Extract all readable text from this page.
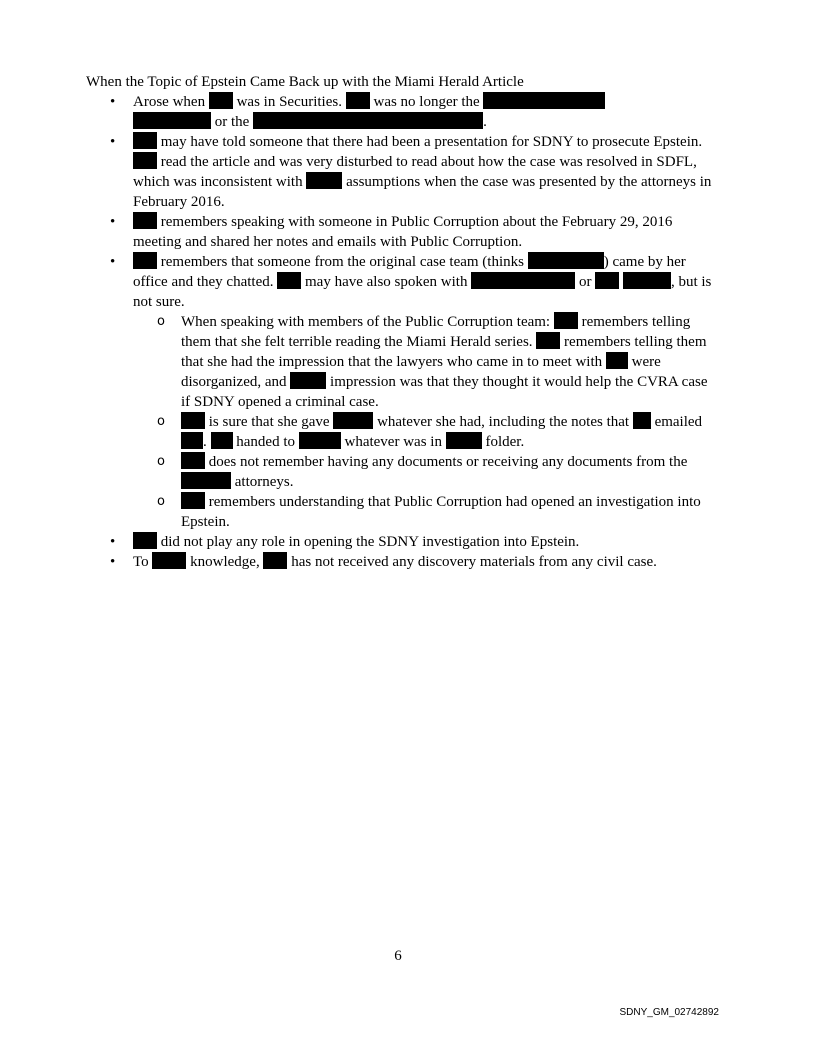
When the Topic of Epstein Came Back up with the Miami Herald Article

• Arose when was in Securities. was no longer the
or the	.
•	may have told someone that there had been a presentation for SDNY to prosecute Epstein.  read the article and was very disturbed to read about how the case was resolved in SDFL, which was inconsistent with	assumptions when the case was presented by the attorneys in February 2016.
•	remembers speaking with someone in Public Corruption about the February 29, 2016 meeting and shared her notes and emails with Public Corruption.
•	remembers that someone from the original case team (thinks	) came by her office and they chatted. may have also spoken with	or	, but is not sure.
o When speaking with members of the Public Corruption team: remembers telling them that she felt terrible reading the Miami Herald series. remembers telling them that she had the impression that the lawyers who came in to meet with were disorganized, and	impression was that they thought it would help the CVRA case if SDNY opened a criminal case.
o	is sure that she gave	whatever she had, including the notes that emailed . handed to	whatever was in	folder.
o	does not remember having any documents or receiving any documents from the  attorneys.
o	remembers understanding that Public Corruption had opened an investigation into Epstein.
•	did not play any role in opening the SDNY investigation into Epstein.
• To	knowledge, has not received any discovery materials from any civil case.
6
SDNY_GM_02742892
